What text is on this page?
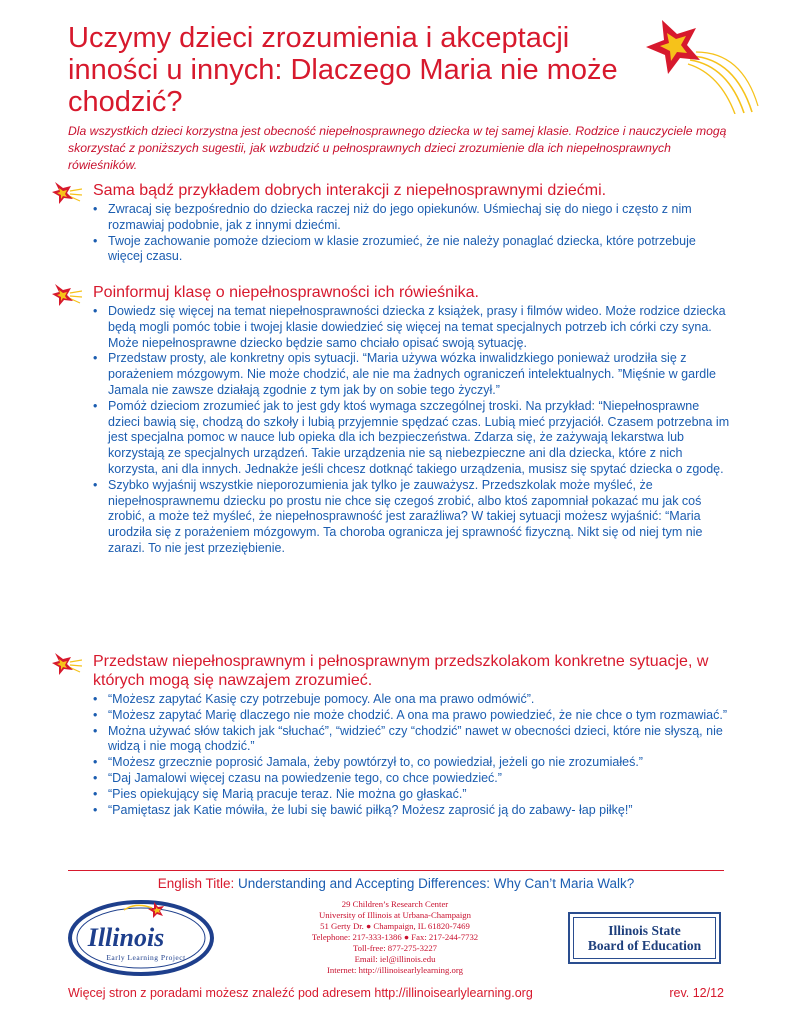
Uczymy dzieci zrozumienia i akceptacji inności u innych: Dlaczego Maria nie może chodzić?

Dla wszystkich dzieci korzystna jest obecność niepełnosprawnego dziecka w tej samej klasie. Rodzice i nauczyciele mogą skorzystać z poniższych sugestii, jak wzbudzić u pełnosprawnych dzieci zrozumienie dla ich niepełnosprawnych rówieśników.

Sama bądź przykładem dobrych interakcji z niepełnosprawnymi dziećmi.
• Zwracaj się bezpośrednio do dziecka raczej niż do jego opiekunów. Uśmiechaj się do niego i często z nim rozmawiaj podobnie, jak z innymi dziećmi.
• Twoje zachowanie pomoże dzieciom w klasie zrozumieć, że nie należy ponaglać dziecka, które potrzebuje więcej czasu.
Poinformuj klasę o niepełnosprawności ich rówieśnika.
• Dowiedz się więcej na temat niepełnosprawności dziecka z książek, prasy i filmów wideo. Może rodzice dziecka będą mogli pomóc tobie i twojej klasie dowiedzieć się więcej na temat specjalnych potrzeb ich córki czy syna. Może niepełnosprawne dziecko będzie samo chciało opisać swoją sytuację.
• Przedstaw prosty, ale konkretny opis sytuacji. “Maria używa wózka inwalidzkiego ponieważ urodziła się z porażeniem mózgowym. Nie może chodzić, ale nie ma żadnych ograniczeń intelektualnych. ”Mięśnie w gardle Jamala nie zawsze działają zgodnie z tym jak by on sobie tego życzył.”
• Pomóż dzieciom zrozumieć jak to jest gdy ktoś wymaga szczególnej troski. Na przykład: “Niepełnosprawne dzieci bawią się, chodzą do szkoły i lubią przyjemnie spędzać czas. Lubią mieć przyjaciół. Czasem potrzebna im jest specjalna pomoc w nauce lub opieka dla ich bezpieczeństwa. Zdarza się, że zażywają lekarstwa lub korzystają ze specjalnych urządzeń. Takie urządzenia nie są niebezpieczne ani dla dziecka, które z nich korzysta, ani dla innych. Jednakże jeśli chcesz dotknąć takiego urządzenia, musisz się spytać dziecka o zgodę.
• Szybko wyjaśnij wszystkie nieporozumienia jak tylko je zauważysz. Przedszkolak może myśleć, że niepełnosprawnemu dziecku po prostu nie chce się czegoś zrobić, albo ktoś zapomniał pokazać mu jak coś zrobić, a może też myśleć, że niepełnosprawność jest zaraźliwa? W takiej sytuacji możesz wyjaśnić: “Maria urodziła się z porażeniem mózgowym. Ta choroba ogranicza jej sprawność fizyczną. Nikt się od niej tym nie zarazi. To nie jest przeziębienie.
Przedstaw niepełnosprawnym i pełnosprawnym przedszkolakom konkretne sytuacje, w których mogą się nawzajem zrozumieć.
• “Możesz zapytać Kasię czy potrzebuje pomocy. Ale ona ma prawo odmówić”.
• “Możesz zapytać Marię dlaczego nie może chodzić. A ona ma prawo powiedzieć, że nie chce o tym rozmawiać.”
• Można używać słów takich jak “słuchać”, “widzieć” czy “chodzić” nawet w obecności dzieci, które nie słyszą, nie widzą i nie mogą chodzić.”
• “Możesz grzecznie poprosić Jamala, żeby powtórzył to, co powiedział, jeżeli go nie zrozumiałeś.”
• “Daj Jamalowi więcej czasu na powiedzenie tego, co chce powiedzieć.”
• “Pies opiekujący się Marią pracuje teraz. Nie można go głaskać.”
• “Pamiętasz jak Katie mówiła, że lubi się bawić piłką? Możesz zaprosić ją do zabawy- łap piłkę!”

English Title: Understanding and Accepting Differences: Why Can’t Maria Walk?

Illinois
Early Learning Project
29 Children’s Research Center
University of Illinois at Urbana-Champaign
51 Gerty Dr. ● Champaign, IL 61820-7469
Telephone: 217-333-1386 ● Fax: 217-244-7732
Toll-free: 877-275-3227
Email: iel@illinois.edu
Internet: http://illinoisearlylearning.org
Illinois State
Board of Education
Więcej stron z poradami możesz znaleźć pod adresem http://illinoisearlylearning.org	rev. 12/12
